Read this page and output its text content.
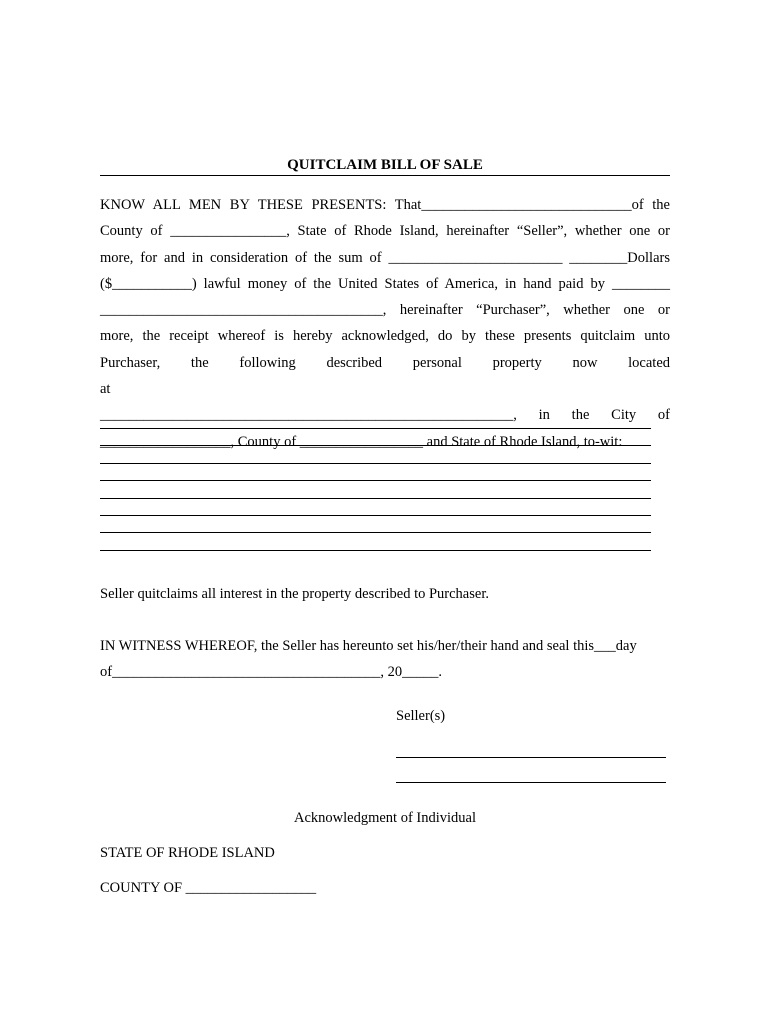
QUITCLAIM BILL OF SALE
KNOW ALL MEN BY THESE PRESENTS: That_____________________________of the
County of ________________, State of Rhode Island, hereinafter “Seller”, whether one or
more, for and in consideration of the sum of ________________________ ________Dollars
($___________) lawful money of the United States of America, in hand paid by ________
_______________________________________, hereinafter “Purchaser”, whether one or
more, the receipt whereof is hereby acknowledged, do by these presents quitclaim unto
Purchaser, the following described personal property now located at
_________________________________________________________, in the City of
__________________, County of _________________ and State of Rhode Island, to-wit:
Seller quitclaims all interest in the property described to Purchaser.
IN WITNESS WHEREOF, the Seller has hereunto set his/her/their hand and seal this___day
of_____________________________________, 20_____.
Seller(s)
Acknowledgment of Individual
STATE OF RHODE ISLAND
COUNTY OF __________________
